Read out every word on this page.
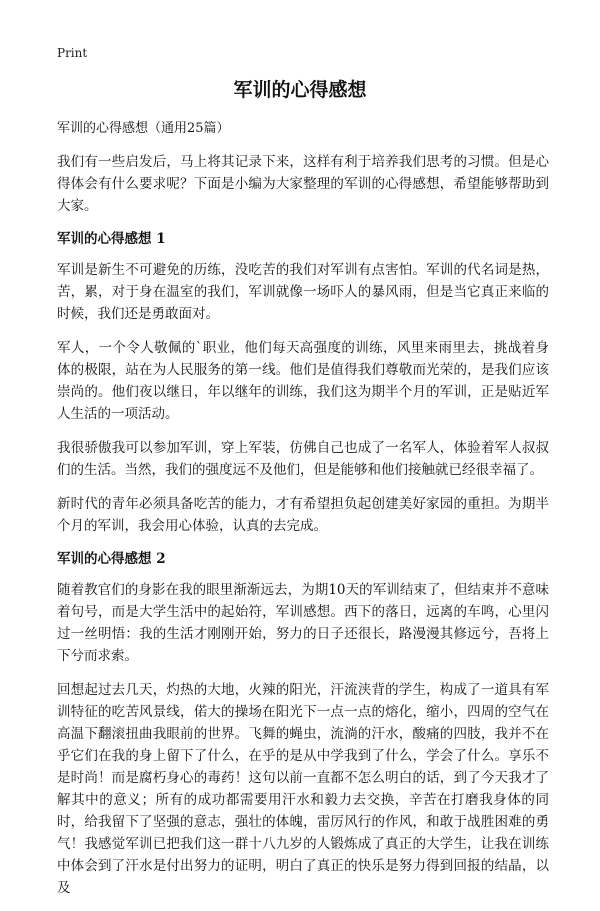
Print
军训的心得感想

军训的心得感想（通用25篇）

我们有一些启发后，马上将其记录下来，这样有利于培养我们思考的习惯。但是心得体会有什么要求呢？下面是小编为大家整理的军训的心得感想，希望能够帮助到大家。

军训的心得感想 1

军训是新生不可避免的历练，没吃苦的我们对军训有点害怕。军训的代名词是热，苦，累，对于身在温室的我们，军训就像一场吓人的暴风雨，但是当它真正来临的时候，我们还是勇敢面对。

军人，一个令人敬佩的`职业，他们每天高强度的训练，风里来雨里去，挑战着身体的极限，站在为人民服务的第一线。他们是值得我们尊敬而光荣的，是我们应该崇尚的。他们夜以继日，年以继年的训练，我们这为期半个月的军训，正是贴近军人生活的一项活动。

我很骄傲我可以参加军训，穿上军装，仿佛自己也成了一名军人，体验着军人叔叔们的生活。当然，我们的强度远不及他们，但是能够和他们接触就已经很幸福了。

新时代的青年必须具备吃苦的能力，才有希望担负起创建美好家园的重担。为期半个月的军训，我会用心体验，认真的去完成。

军训的心得感想 2

随着教官们的身影在我的眼里渐渐远去，为期10天的军训结束了，但结束并不意味着句号，而是大学生活中的起始符，军训感想。西下的落日，远离的车鸣，心里闪过一丝明悟：我的生活才刚刚开始，努力的日子还很长，路漫漫其修远兮，吾将上下兮而求索。

回想起过去几天，灼热的大地，火辣的阳光，汗流浃背的学生，构成了一道具有军训特征的吃苦风景线，偌大的操场在阳光下一点一点的熔化，缩小，四周的空气在高温下翻滚扭曲我眼前的世界。飞舞的蝇虫，流淌的汗水，酸痛的四肢，我并不在乎它们在我的身上留下了什么，在乎的是从中学我到了什么，学会了什么。享乐不是时尚！而是腐朽身心的毒药！这句以前一直都不怎么明白的话，到了今天我才了解其中的意义；所有的成功都需要用汗水和毅力去交换，辛苦在打磨我身体的同时，给我留下了坚强的意志，强壮的体魄，雷厉风行的作风，和敢于战胜困难的勇气！我感觉军训已把我们这一群十八九岁的人锻炼成了真正的大学生，让我在训练中体会到了汗水是付出努力的证明，明白了真正的快乐是努力得到回报的结晶，以及
